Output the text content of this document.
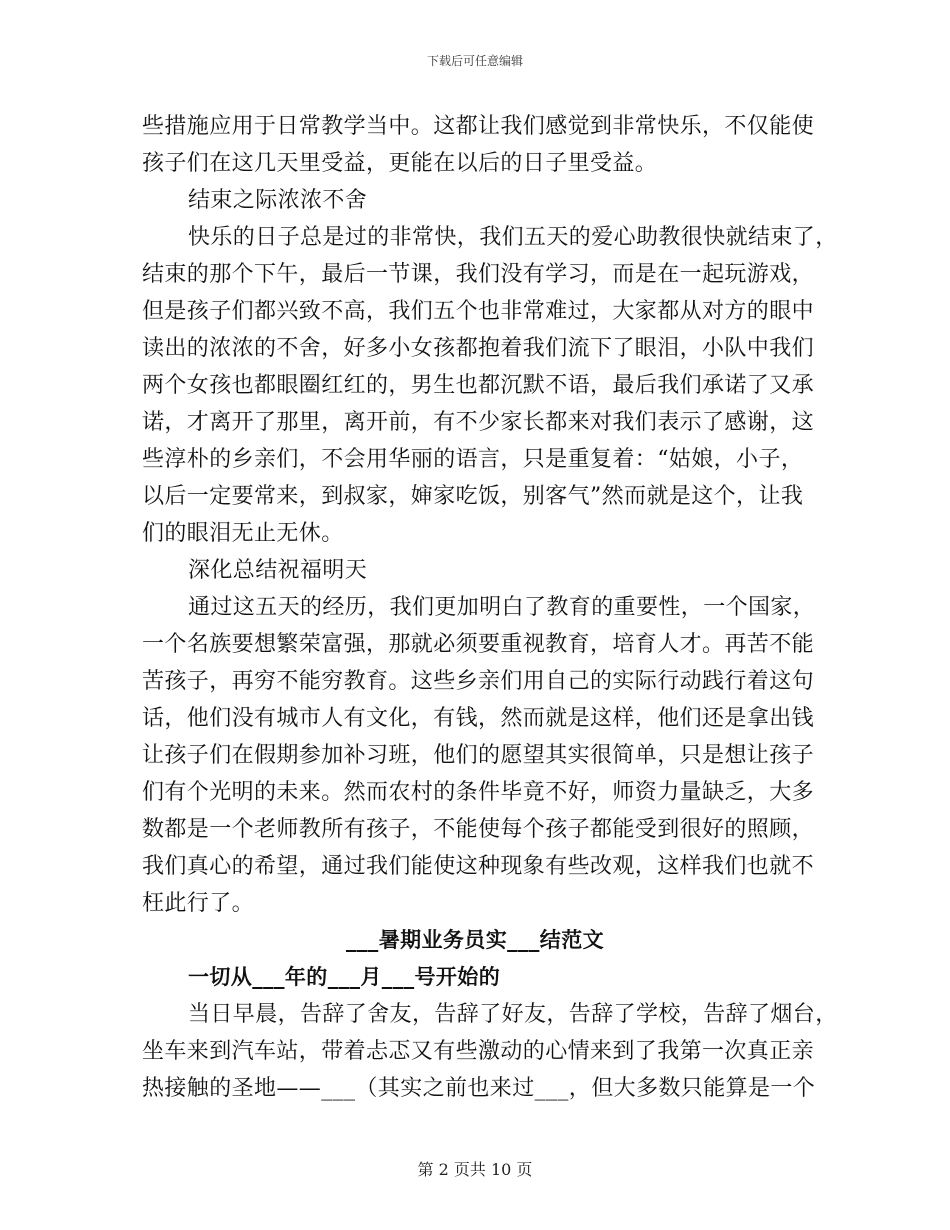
下载后可任意编辑
些措施应用于日常教学当中。这都让我们感觉到非常快乐，不仅能使
孩子们在这几天里受益，更能在以后的日子里受益。
结束之际浓浓不舍
快乐的日子总是过的非常快，我们五天的爱心助教很快就结束了，
结束的那个下午，最后一节课，我们没有学习，而是在一起玩游戏，
但是孩子们都兴致不高，我们五个也非常难过，大家都从对方的眼中
读出的浓浓的不舍，好多小女孩都抱着我们流下了眼泪，小队中我们
两个女孩也都眼圈红红的，男生也都沉默不语，最后我们承诺了又承
诺，才离开了那里，离开前，有不少家长都来对我们表示了感谢，这
些淳朴的乡亲们，不会用华丽的语言，只是重复着：“姑娘，小子，
以后一定要常来，到叔家，婶家吃饭，别客气”然而就是这个，让我
们的眼泪无止无休。
深化总结祝福明天
通过这五天的经历，我们更加明白了教育的重要性，一个国家，
一个名族要想繁荣富强，那就必须要重视教育，培育人才。再苦不能
苦孩子，再穷不能穷教育。这些乡亲们用自己的实际行动践行着这句
话，他们没有城市人有文化，有钱，然而就是这样，他们还是拿出钱
让孩子们在假期参加补习班，他们的愿望其实很简单，只是想让孩子
们有个光明的未来。然而农村的条件毕竟不好，师资力量缺乏，大多
数都是一个老师教所有孩子，不能使每个孩子都能受到很好的照顾，
我们真心的希望，通过我们能使这种现象有些改观，这样我们也就不
枉此行了。
___暑期业务员实___结范文
一切从___年的___月___号开始的
当日早晨，告辞了舍友，告辞了好友，告辞了学校，告辞了烟台，
坐车来到汽车站，带着忐忑又有些激动的心情来到了我第一次真正亲
热接触的圣地——___（其实之前也来过___，但大多数只能算是一个
第 2 页共 10 页
